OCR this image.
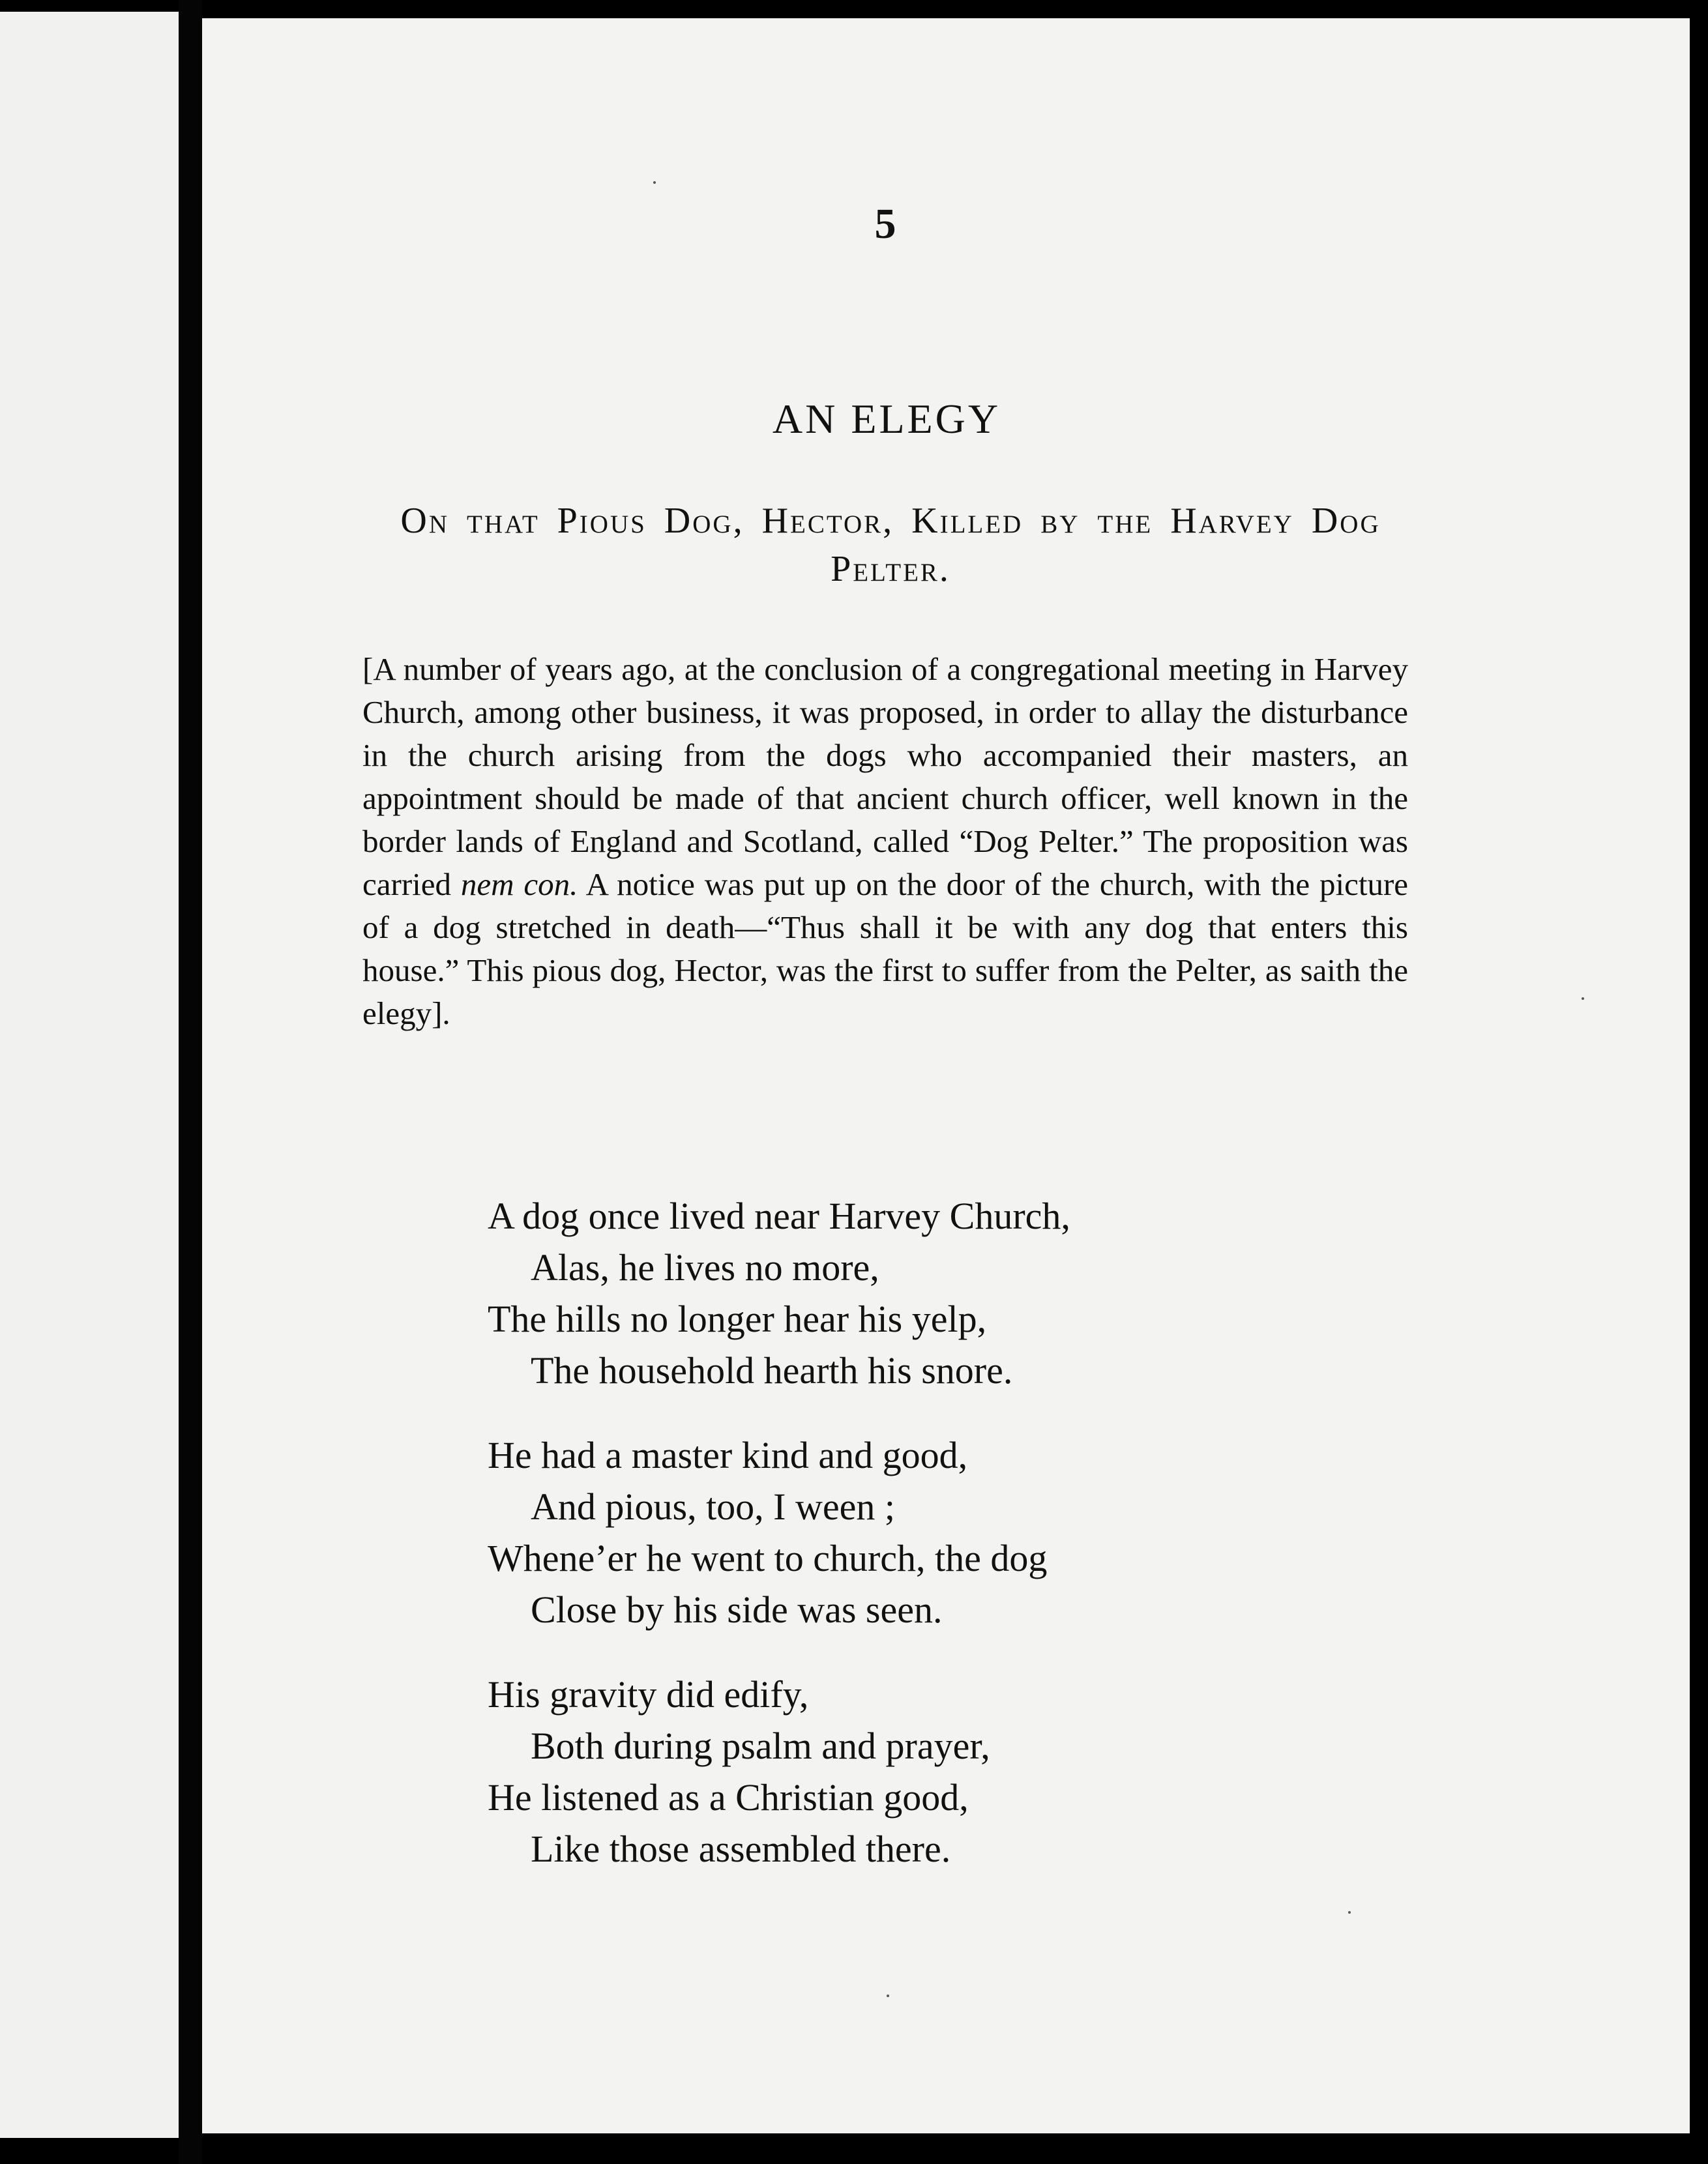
5
AN ELEGY
On that Pious Dog, Hector, Killed by the Harvey Dog Pelter.
[A number of years ago, at the conclusion of a congregational meeting in Harvey Church, among other business, it was proposed, in order to allay the disturbance in the church arising from the dogs who accompanied their masters, an appointment should be made of that ancient church officer, well known in the border lands of England and Scotland, called “Dog Pelter.” The proposition was carried nem con. A notice was put up on the door of the church, with the picture of a dog stretched in death—“Thus shall it be with any dog that enters this house.” This pious dog, Hector, was the first to suffer from the Pelter, as saith the elegy].
A dog once lived near Harvey Church,
Alas, he lives no more,
The hills no longer hear his yelp,
The household hearth his snore.
He had a master kind and good,
And pious, too, I ween ;
Whene’er he went to church, the dog
Close by his side was seen.
His gravity did edify,
Both during psalm and prayer,
He listened as a Christian good,
Like those assembled there.
